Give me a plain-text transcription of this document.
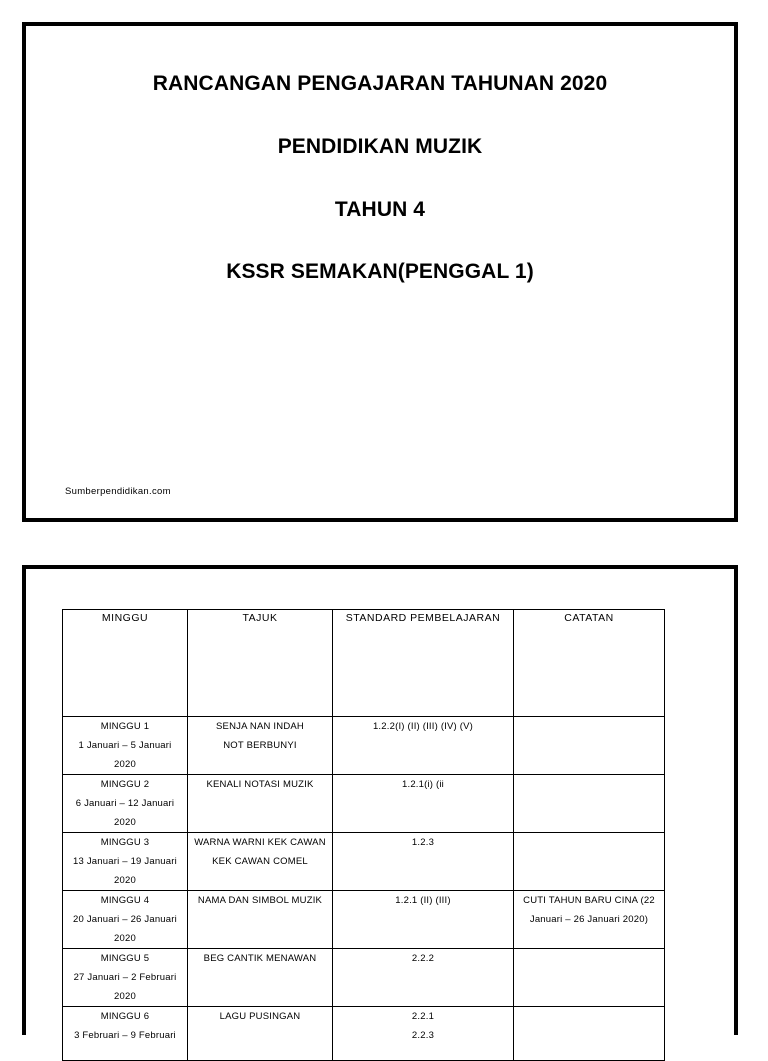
RANCANGAN PENGAJARAN TAHUNAN 2020
PENDIDIKAN MUZIK
TAHUN 4
KSSR SEMAKAN(PENGGAL 1)
Sumberpendidikan.com
MINGGU	TAJUK	STANDARD PEMBELAJARAN	CATATAN

MINGGU 1
1 Januari – 5 Januari
2020	SENJA NAN INDAH
NOT BERBUNYI	1.2.2(I) (II) (III) (IV) (V)	

MINGGU 2
6 Januari – 12 Januari
2020	KENALI NOTASI MUZIK	1.2.1(i) (ii	

MINGGU 3
13 Januari – 19 Januari
2020	WARNA WARNI KEK CAWAN
KEK CAWAN COMEL	1.2.3	

MINGGU 4
20 Januari – 26 Januari
2020	NAMA DAN SIMBOL MUZIK	1.2.1 (II) (III)	CUTI TAHUN BARU CINA (22
Januari – 26 Januari 2020)

MINGGU 5
27 Januari – 2 Februari
2020	BEG CANTIK MENAWAN	2.2.2	

MINGGU 6
3 Februari – 9 Februari	LAGU PUSINGAN	2.2.1
2.2.3	
